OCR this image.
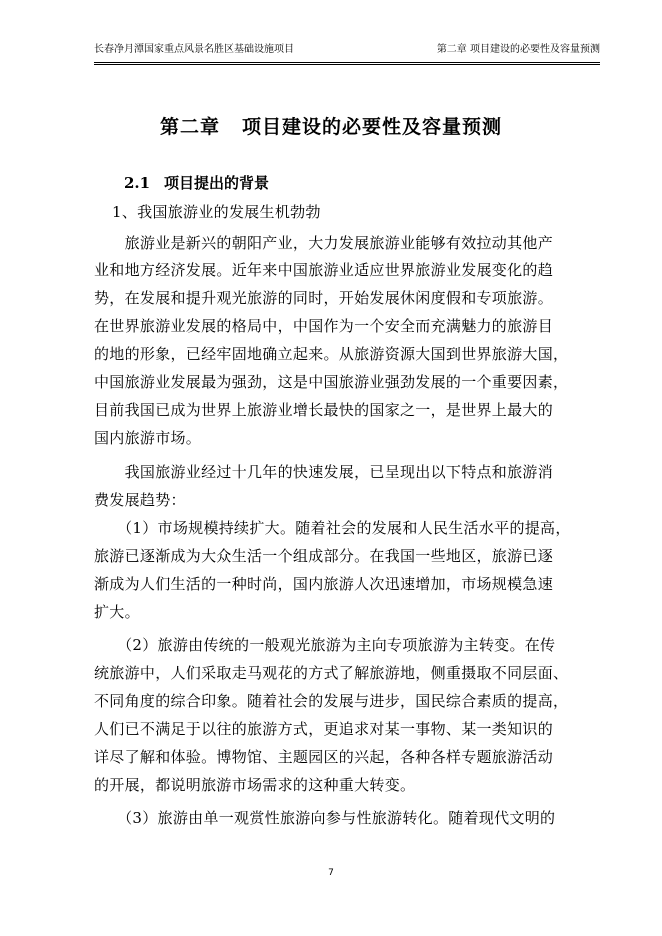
长春净月潭国家重点风景名胜区基础设施项目	第二章 项目建设的必要性及容量预测
第二章 项目建设的必要性及容量预测
2.1 项目提出的背景
1、我国旅游业的发展生机勃勃
　　旅游业是新兴的朝阳产业，大力发展旅游业能够有效拉动其他产
业和地方经济发展。近年来中国旅游业适应世界旅游业发展变化的趋
势，在发展和提升观光旅游的同时，开始发展休闲度假和专项旅游。
在世界旅游业发展的格局中，中国作为一个安全而充满魅力的旅游目
的地的形象，已经牢固地确立起来。从旅游资源大国到世界旅游大国，
中国旅游业发展最为强劲，这是中国旅游业强劲发展的一个重要因素，
目前我国已成为世界上旅游业增长最快的国家之一，是世界上最大的
国内旅游市场。
　　我国旅游业经过十几年的快速发展，已呈现出以下特点和旅游消
费发展趋势：
　　（1）市场规模持续扩大。随着社会的发展和人民生活水平的提高，
旅游已逐渐成为大众生活一个组成部分。在我国一些地区，旅游已逐
渐成为人们生活的一种时尚，国内旅游人次迅速增加，市场规模急速
扩大。
　　（2）旅游由传统的一般观光旅游为主向专项旅游为主转变。在传
统旅游中，人们采取走马观花的方式了解旅游地，侧重摄取不同层面、
不同角度的综合印象。随着社会的发展与进步，国民综合素质的提高，
人们已不满足于以往的旅游方式，更追求对某一事物、某一类知识的
详尽了解和体验。博物馆、主题园区的兴起，各种各样专题旅游活动
的开展，都说明旅游市场需求的这种重大转变。
　　（3）旅游由单一观赏性旅游向参与性旅游转化。随着现代文明的
7
